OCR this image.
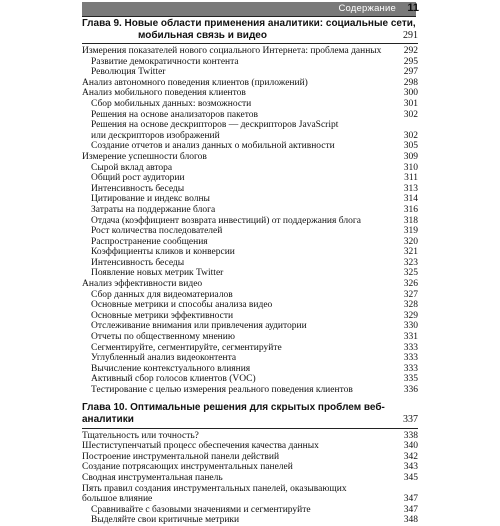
Содержание 11
Глава 9. Новые области применения аналитики: социальные сети,
мобильная связь и видео	291
Измерения показателей нового социального Интернета: проблема данных	292
Развитие демократичности контента	295
Революция Twitter	297
Анализ автономного поведения клиентов (приложений)	298
Анализ мобильного поведения клиентов	300
Сбор мобильных данных: возможности	301
Решения на основе анализаторов пакетов	302
Решения на основе дескрипторов — дескрипторов JavaScript
или дескрипторов изображений	302
Создание отчетов и анализ данных о мобильной активности	305
Измерение успешности блогов	309
Сырой вклад автора	310
Общий рост аудитории	311
Интенсивность беседы	313
Цитирование и индекс волны	314
Затраты на поддержание блога	316
Отдача (коэффициент возврата инвестиций) от поддержания блога	318
Рост количества последователей	319
Распространение сообщения	320
Коэффициенты кликов и конверсии	321
Интенсивность беседы	323
Появление новых метрик Twitter	325
Анализ эффективности видео	326
Сбор данных для видеоматериалов	327
Основные метрики и способы анализа видео	328
Основные метрики эффективности	329
Отслеживание внимания или привлечения аудитории	330
Отчеты по общественному мнению	331
Сегментируйте, сегментируйте, сегментируйте	333
Углубленный анализ видеоконтента	333
Вычисление контекстуального влияния	333
Активный сбор голосов клиентов (VOC)	335
Тестирование с целью измерения реального поведения клиентов	336
Глава 10. Оптимальные решения для скрытых проблем веб-аналитики	337
Тщательность или точность?	338
Шестиступенчатый процесс обеспечения качества данных	340
Построение инструментальной панели действий	342
Создание потрясающих инструментальных панелей	343
Сводная инструментальная панель	345
Пять правил создания инструментальных панелей, оказывающих
большое влияние	347
Сравнивайте с базовыми значениями и сегментируйте	347
Выделяйте свои критичные метрики	348
